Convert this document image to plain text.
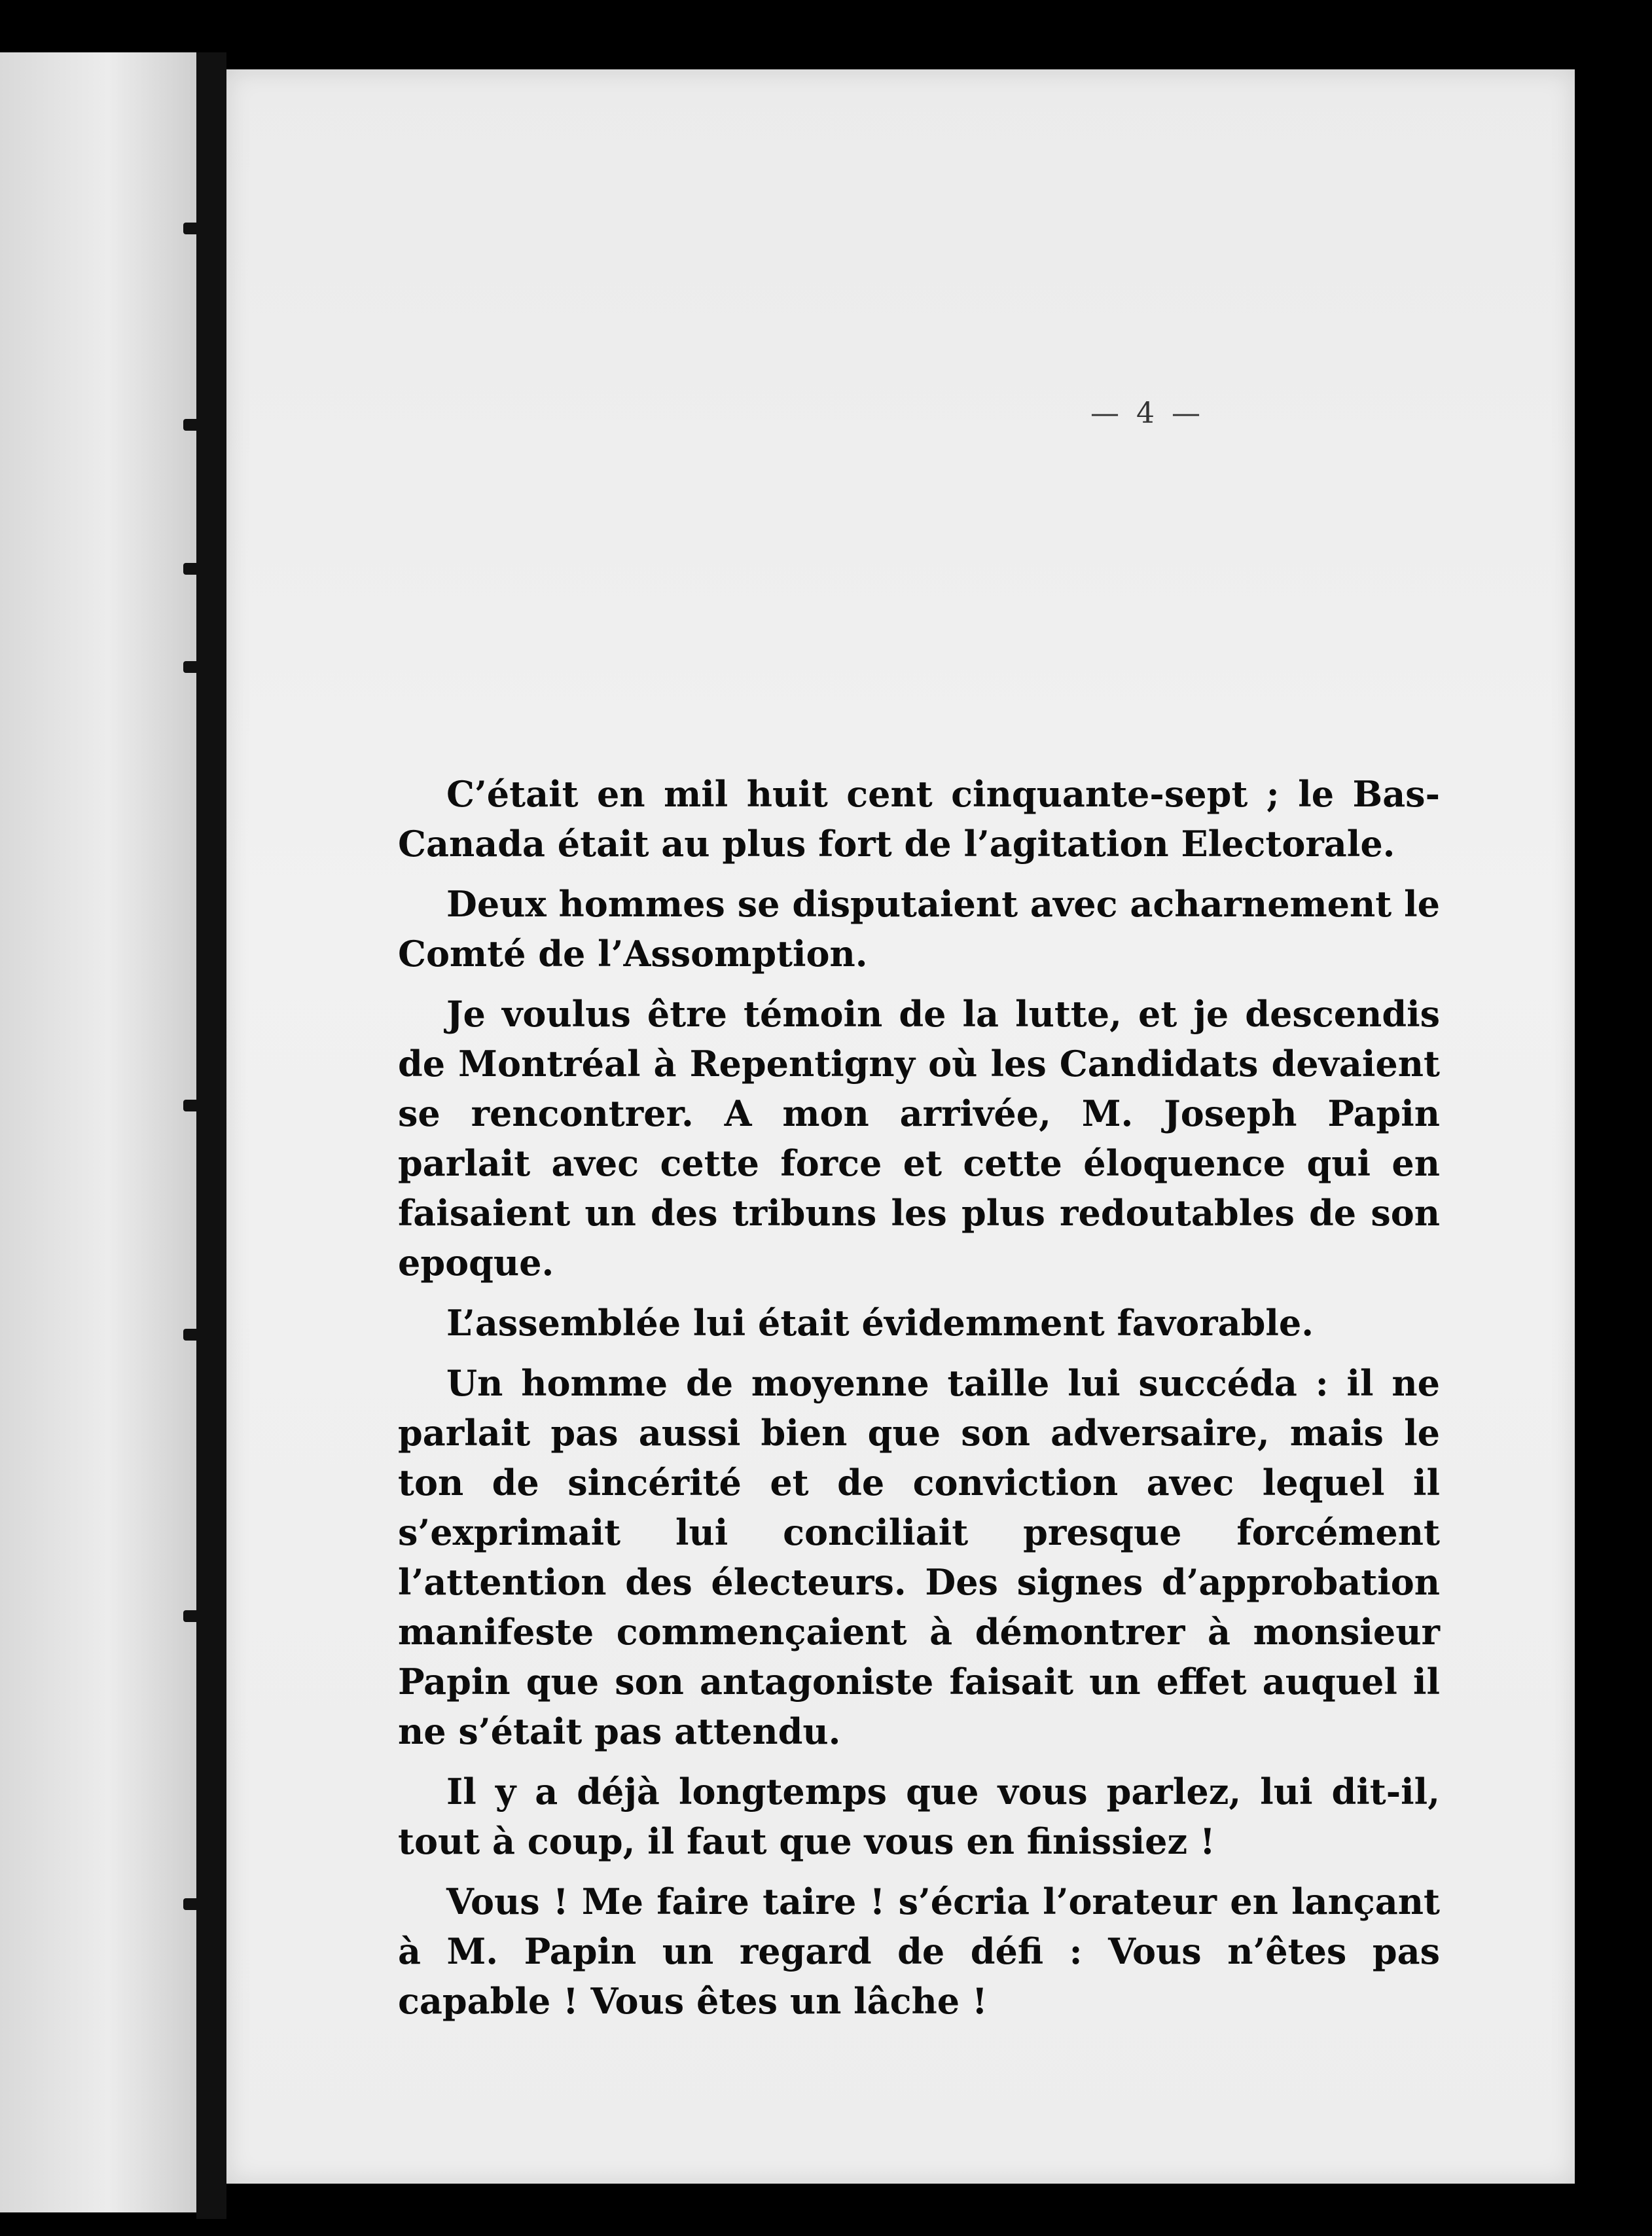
— 4 —

C’était en mil huit cent cinquante-sept ; le Bas-Canada était au plus fort de l’agitation Electorale.

Deux hommes se disputaient avec acharnement le Comté de l’Assomption.

Je voulus être témoin de la lutte, et je descendis de Montréal à Repentigny où les Candidats devaient se rencontrer. A mon arrivée, M. Joseph Papin parlait avec cette force et cette éloquence qui en faisaient un des tribuns les plus redoutables de son epoque.

L’assemblée lui était évidemment favorable.

Un homme de moyenne taille lui succéda : il ne parlait pas aussi bien que son adversaire, mais le ton de sincérité et de conviction avec lequel il s’exprimait lui conciliait presque forcément l’attention des électeurs. Des signes d’approbation manifeste commençaient à démontrer à monsieur Papin que son antagoniste faisait un effet auquel il ne s’était pas attendu.

Il y a déjà longtemps que vous parlez, lui dit-il, tout à coup, il faut que vous en finissiez !

Vous ! Me faire taire ! s’écria l’orateur en lançant à M. Papin un regard de défi : Vous n’êtes pas capable ! Vous êtes un lâche !
